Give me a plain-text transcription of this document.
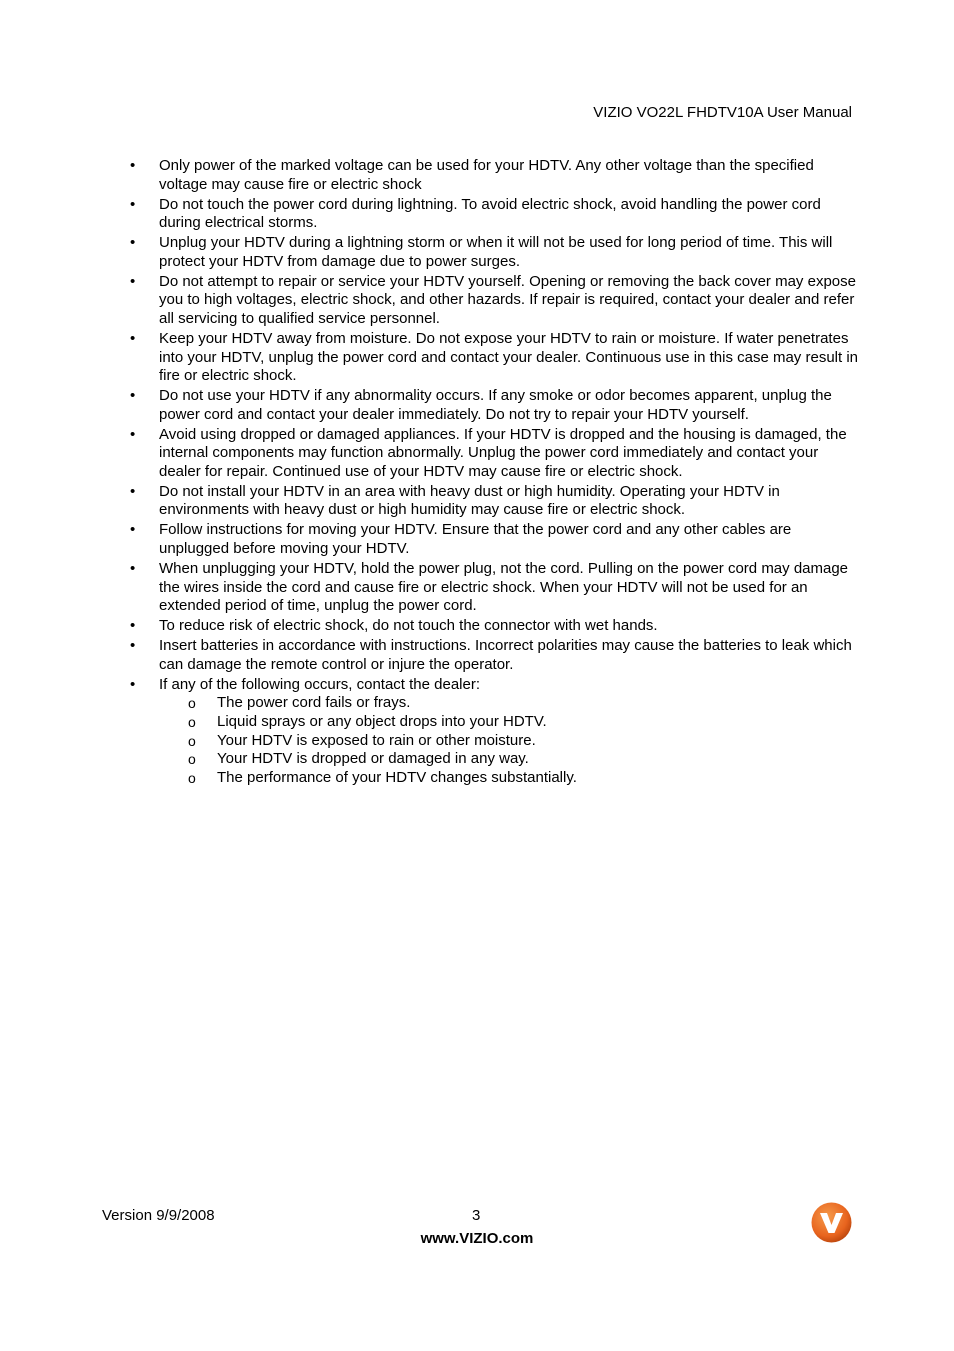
VIZIO VO22L FHDTV10A User Manual
• Only power of the marked voltage can be used for your HDTV. Any other voltage than the specified voltage may cause fire or electric shock
• Do not touch the power cord during lightning. To avoid electric shock, avoid handling the power cord during electrical storms.
• Unplug your HDTV during a lightning storm or when it will not be used for long period of time. This will protect your HDTV from damage due to power surges.
• Do not attempt to repair or service your HDTV yourself. Opening or removing the back cover may expose you to high voltages, electric shock, and other hazards. If repair is required, contact your dealer and refer all servicing to qualified service personnel.
• Keep your HDTV away from moisture. Do not expose your HDTV to rain or moisture. If water penetrates into your HDTV, unplug the power cord and contact your dealer. Continuous use in this case may result in fire or electric shock.
• Do not use your HDTV if any abnormality occurs. If any smoke or odor becomes apparent, unplug the power cord and contact your dealer immediately. Do not try to repair your HDTV yourself.
• Avoid using dropped or damaged appliances. If your HDTV is dropped and the housing is damaged, the internal components may function abnormally. Unplug the power cord immediately and contact your dealer for repair. Continued use of your HDTV may cause fire or electric shock.
• Do not install your HDTV in an area with heavy dust or high humidity. Operating your HDTV in environments with heavy dust or high humidity may cause fire or electric shock.
• Follow instructions for moving your HDTV. Ensure that the power cord and any other cables are unplugged before moving your HDTV.
• When unplugging your HDTV, hold the power plug, not the cord. Pulling on the power cord may damage the wires inside the cord and cause fire or electric shock. When your HDTV will not be used for an extended period of time, unplug the power cord.
• To reduce risk of electric shock, do not touch the connector with wet hands.
• Insert batteries in accordance with instructions. Incorrect polarities may cause the batteries to leak which can damage the remote control or injure the operator.
• If any of the following occurs, contact the dealer:
o The power cord fails or frays.
o Liquid sprays or any object drops into your HDTV.
o Your HDTV is exposed to rain or other moisture.
o Your HDTV is dropped or damaged in any way.
o The performance of your HDTV changes substantially.
Version 9/9/2008	3
www.VIZIO.com
